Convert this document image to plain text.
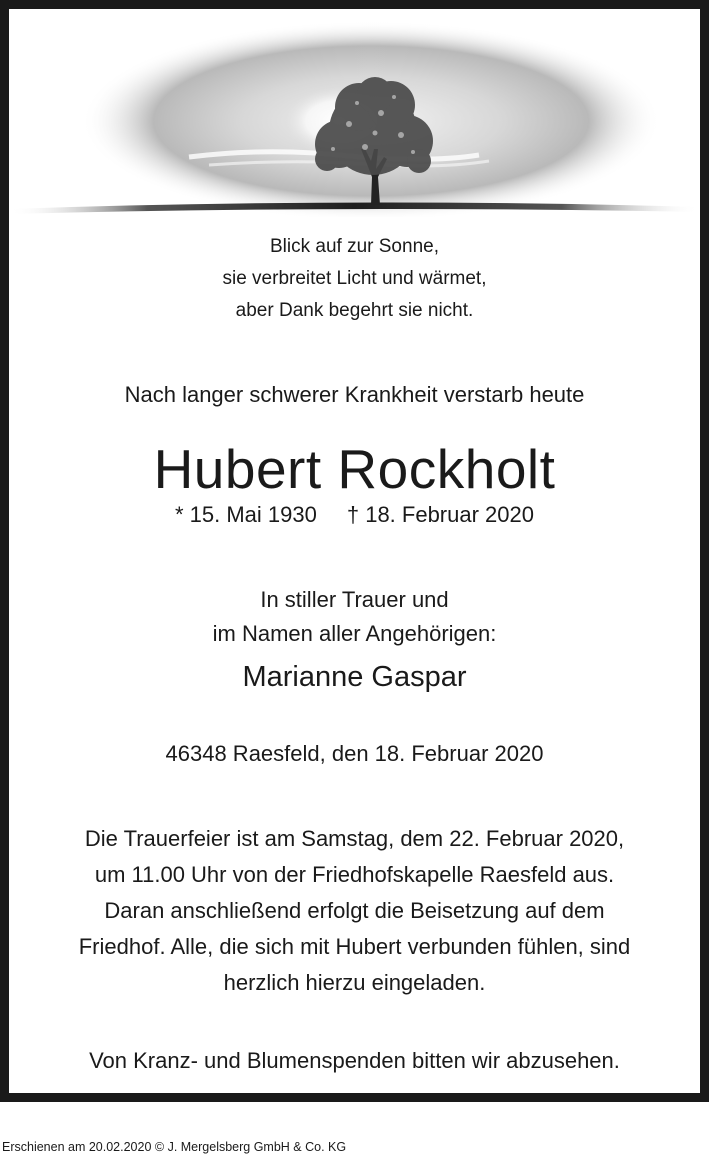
Blick auf zur Sonne,
sie verbreitet Licht und wärmet,
aber Dank begehrt sie nicht.
Nach langer schwerer Krankheit verstarb heute
Hubert Rockholt
* 15. Mai 1930 † 18. Februar 2020
In stiller Trauer und
im Namen aller Angehörigen:
Marianne Gaspar
46348 Raesfeld, den 18. Februar 2020
Die Trauerfeier ist am Samstag, dem 22. Februar 2020,
um 11.00 Uhr von der Friedhofskapelle Raesfeld aus.
Daran anschließend erfolgt die Beisetzung auf dem
Friedhof. Alle, die sich mit Hubert verbunden fühlen, sind
herzlich hierzu eingeladen.
Von Kranz- und Blumenspenden bitten wir abzusehen.
Erschienen am 20.02.2020 © J. Mergelsberg GmbH & Co. KG
